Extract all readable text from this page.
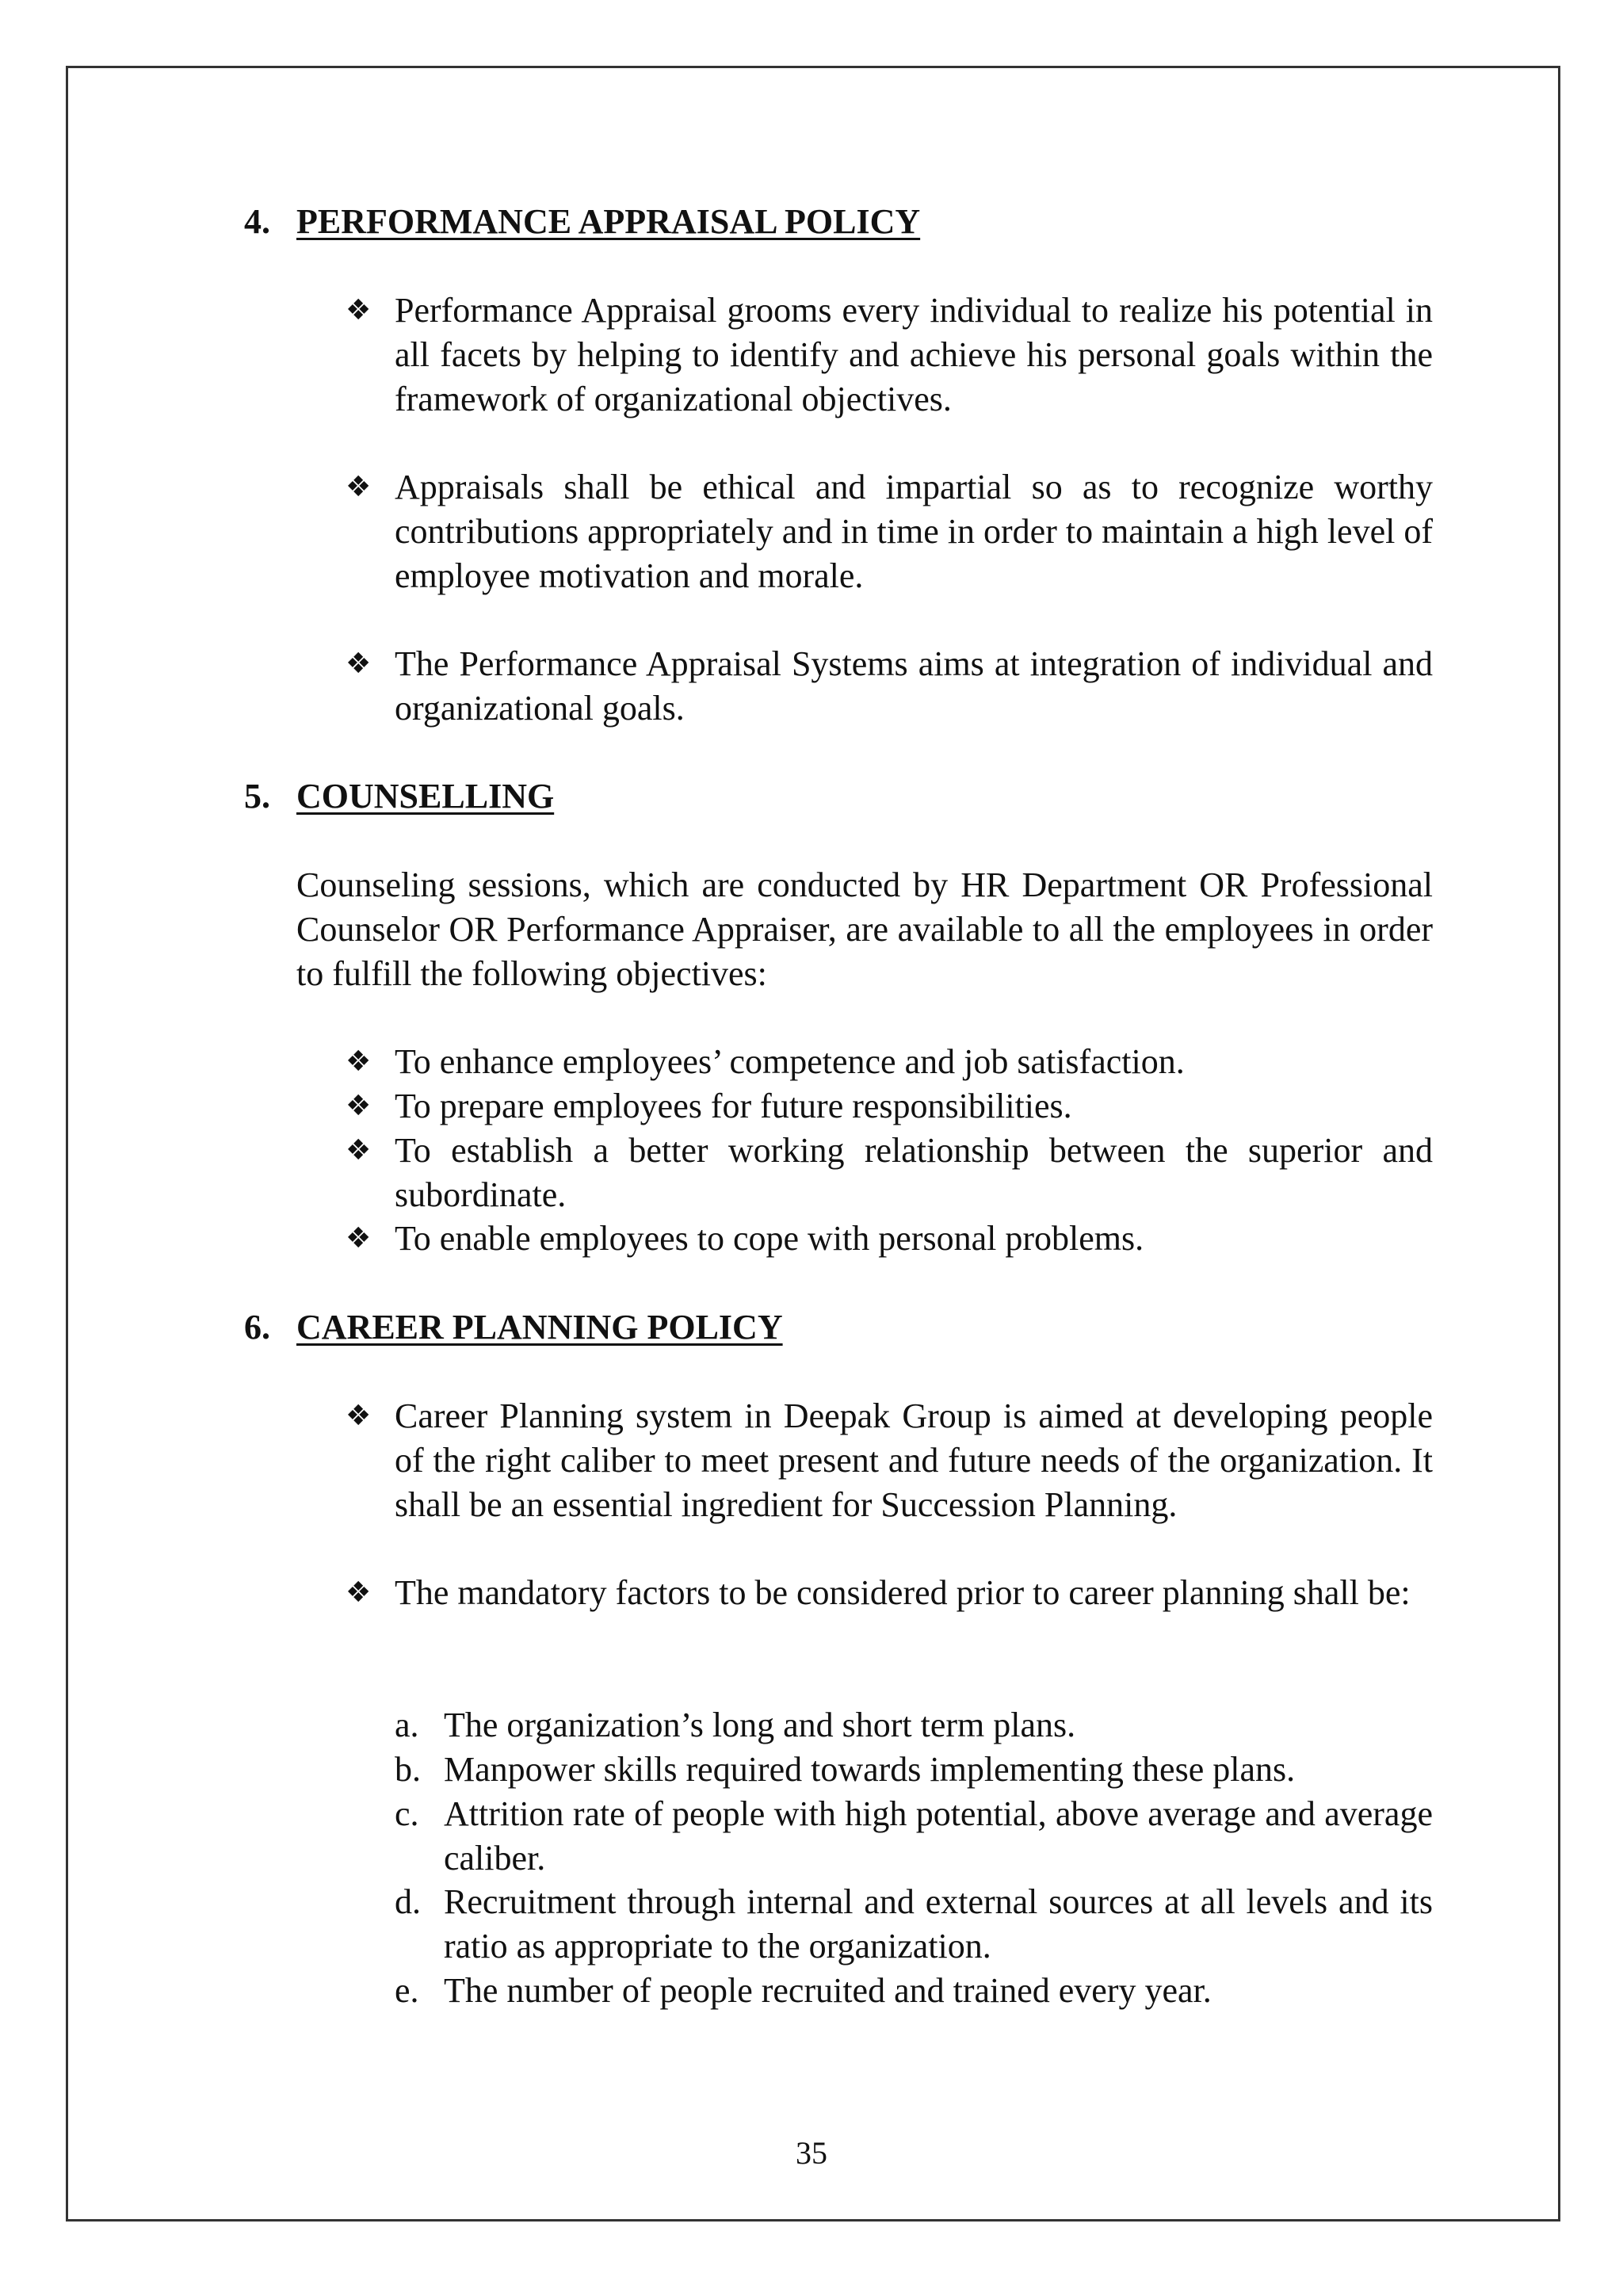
4. PERFORMANCE APPRAISAL POLICY
❖ Performance Appraisal grooms every individual to realize his potential in all facets by helping to identify and achieve his personal goals within the framework of organizational objectives.
❖ Appraisals shall be ethical and impartial so as to recognize worthy contributions appropriately and in time in order to maintain a high level of employee motivation and morale.
❖ The Performance Appraisal Systems aims at integration of individual and organizational goals.
5. COUNSELLING
Counseling sessions, which are conducted by HR Department OR Professional Counselor OR Performance Appraiser, are available to all the employees in order to fulfill the following objectives:
❖ To enhance employees’ competence and job satisfaction.
❖ To prepare employees for future responsibilities.
❖ To establish a better working relationship between the superior and subordinate.
❖ To enable employees to cope with personal problems.
6. CAREER PLANNING POLICY
❖ Career Planning system in Deepak Group is aimed at developing people of the right caliber to meet present and future needs of the organization. It shall be an essential ingredient for Succession Planning.
❖ The mandatory factors to be considered prior to career planning shall be:
a. The organization’s long and short term plans.
b. Manpower skills required towards implementing these plans.
c. Attrition rate of people with high potential, above average and average caliber.
d. Recruitment through internal and external sources at all levels and its ratio as appropriate to the organization.
e. The number of people recruited and trained every year.
35
